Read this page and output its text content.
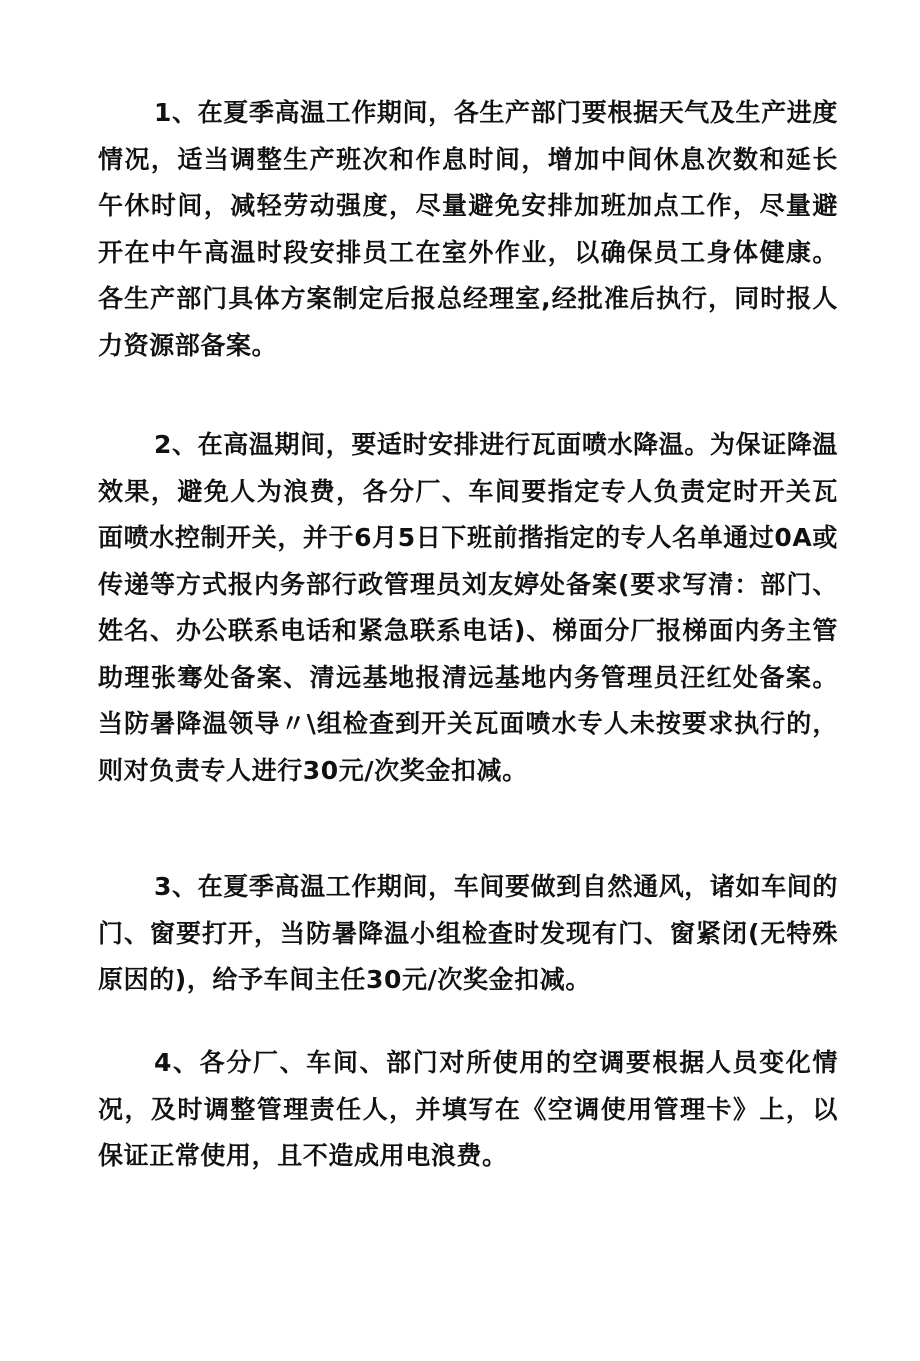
1、在夏季高温工作期间，各生产部门要根据天气及生产进度情况，适当调整生产班次和作息时间，增加中间休息次数和延长午休时间，减轻劳动强度，尽量避免安排加班加点工作，尽量避开在中午高温时段安排员工在室外作业，以确保员工身体健康。各生产部门具体方案制定后报总经理室,经批准后执行，同时报人力资源部备案。

2、在高温期间，要适时安排进行瓦面喷水降温。为保证降温效果，避免人为浪费，各分厂、车间要指定专人负责定时开关瓦面喷水控制开关，并于6月5日下班前揩指定的专人名单通过0A或传递等方式报内务部行政管理员刘友婷处备案(要求写清：部门、姓名、办公联系电话和紧急联系电话)、梯面分厂报梯面内务主管助理张骞处备案、清远基地报清远基地内务管理员汪红处备案。当防暑降温领导〃\组检查到开关瓦面喷水专人未按要求执行的，则对负责专人进行30元/次奖金扣减。

3、在夏季高温工作期间，车间要做到自然通风，诸如车间的门、窗要打开，当防暑降温小组检查时发现有门、窗紧闭(无特殊原因的)，给予车间主任30元/次奖金扣减。

4、各分厂、车间、部门对所使用的空调要根据人员变化情况，及时调整管理责任人，并填写在《空调使用管理卡》上，以保证正常使用，且不造成用电浪费。
